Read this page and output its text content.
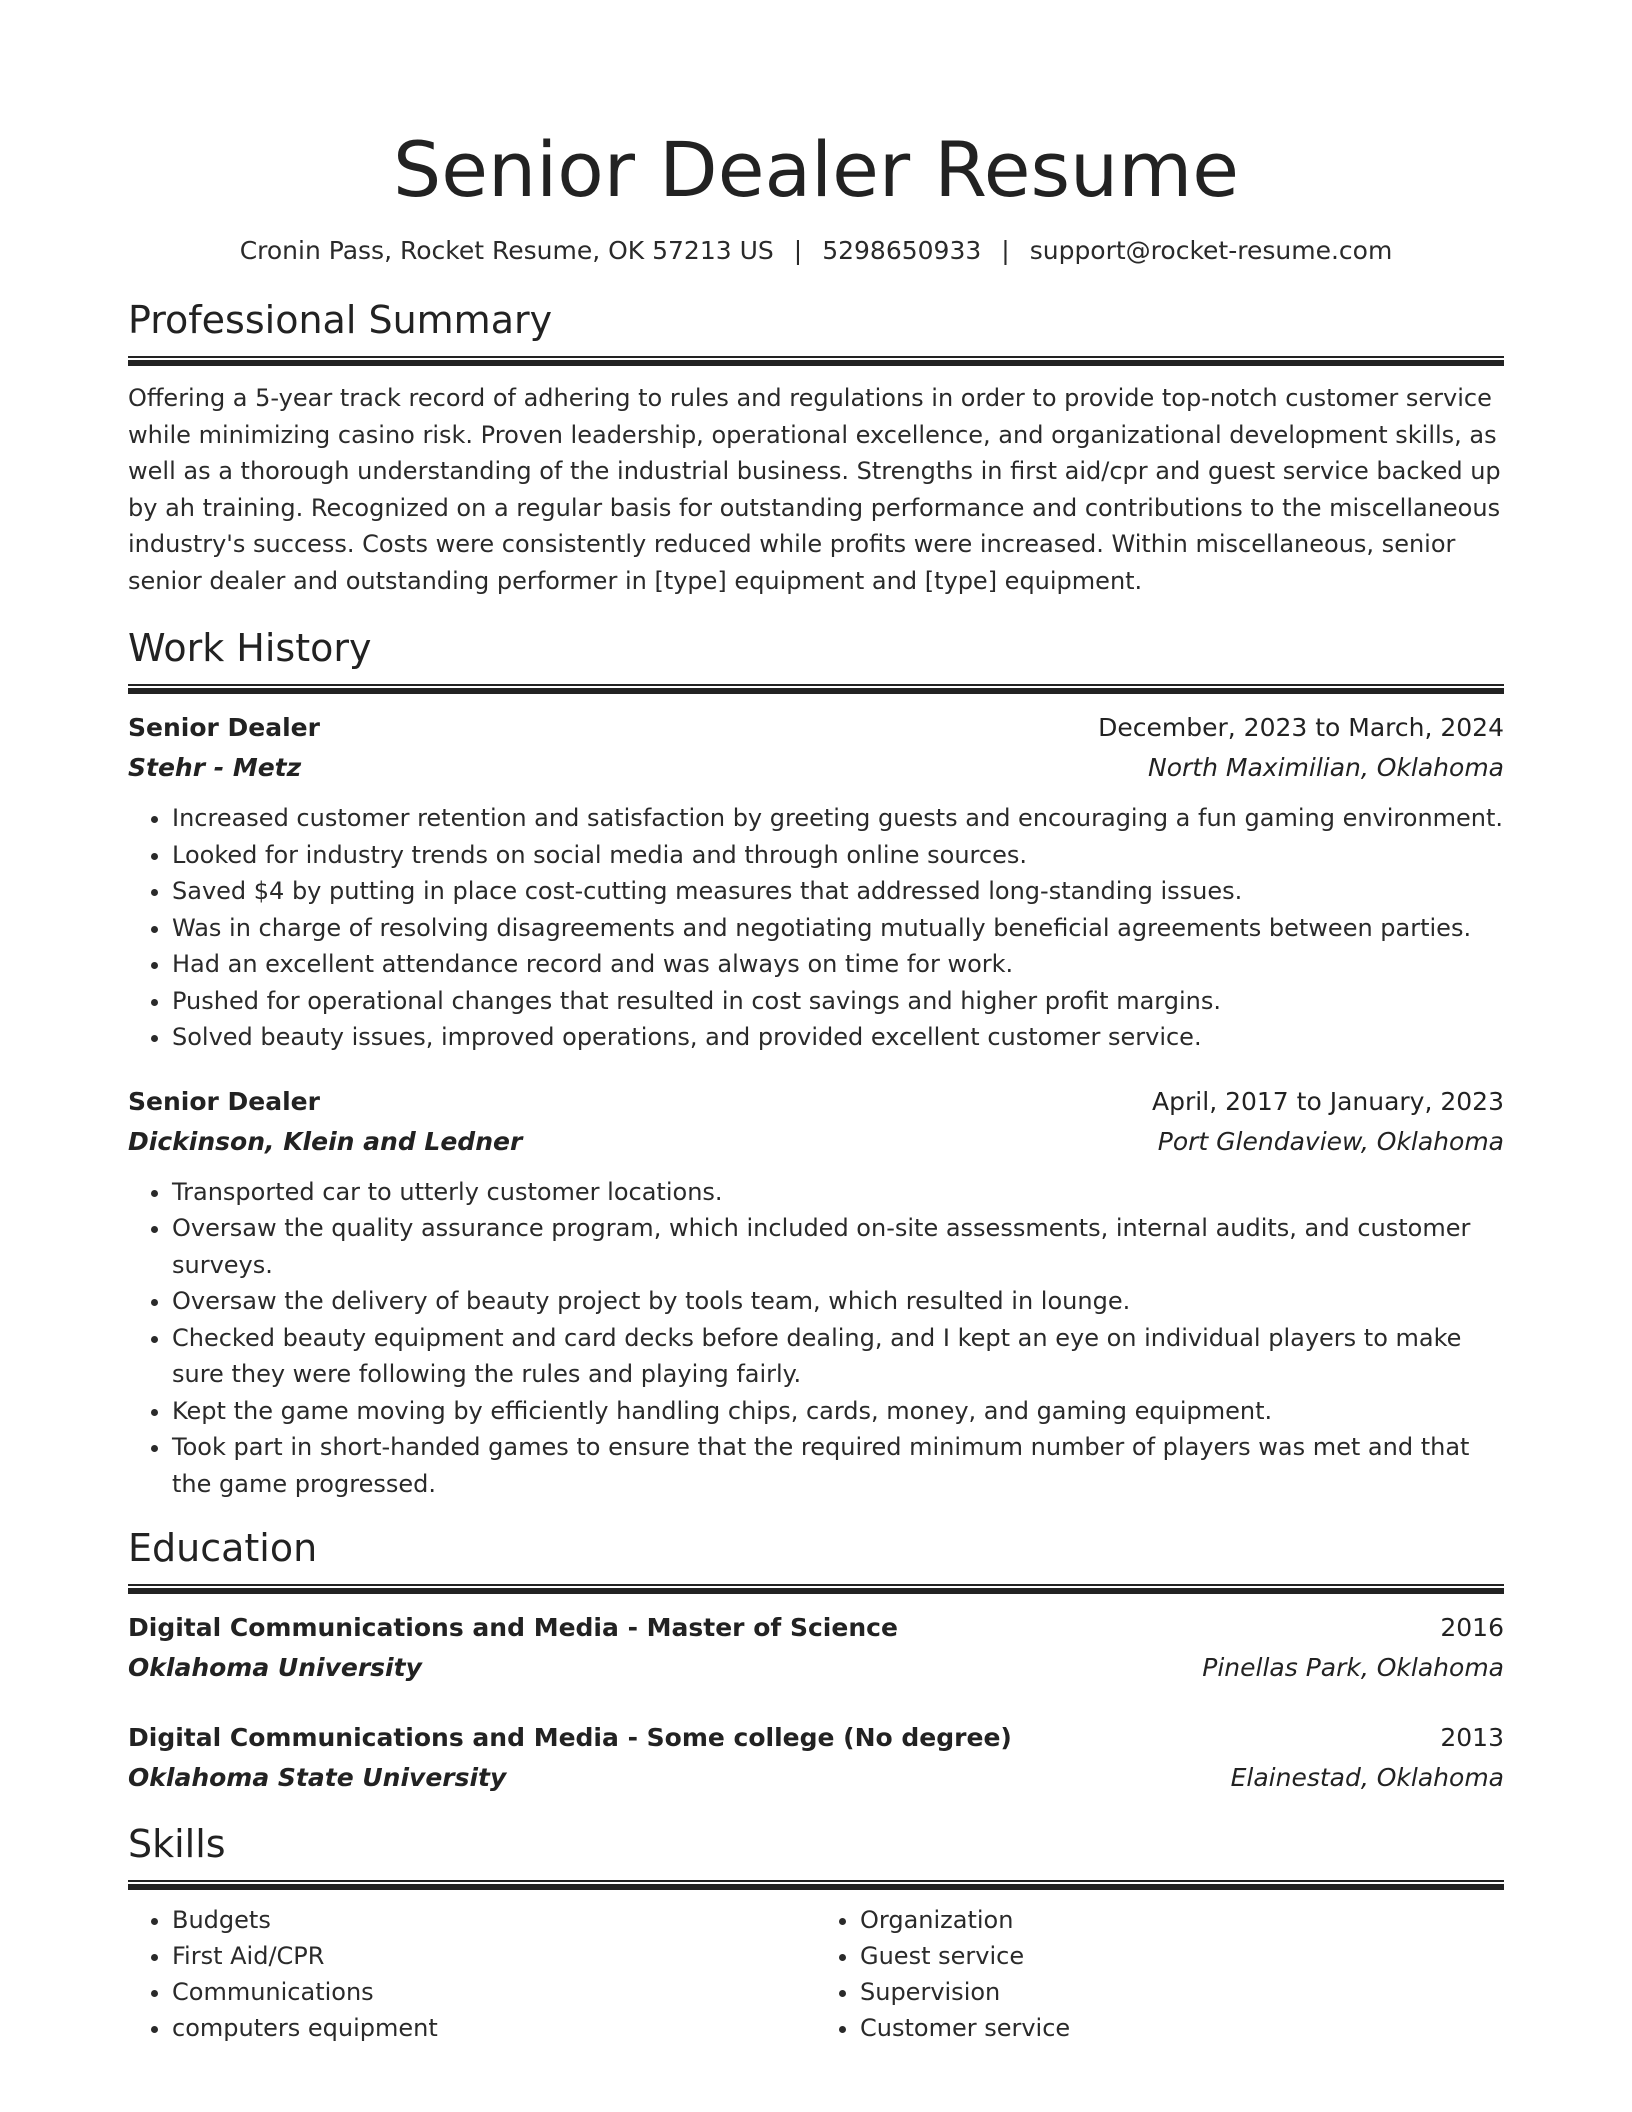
Senior Dealer Resume
Cronin Pass, Rocket Resume, OK 57213 US | 5298650933 | support@rocket-resume.com
Professional Summary
Offering a 5-year track record of adhering to rules and regulations in order to provide top-notch customer service while minimizing casino risk. Proven leadership, operational excellence, and organizational development skills, as well as a thorough understanding of the industrial business. Strengths in first aid/cpr and guest service backed up by ah training. Recognized on a regular basis for outstanding performance and contributions to the miscellaneous industry's success. Costs were consistently reduced while profits were increased. Within miscellaneous, senior senior dealer and outstanding performer in [type] equipment and [type] equipment.
Work History
Senior Dealer	December, 2023 to March, 2024
Stehr - Metz	North Maximilian, Oklahoma
• Increased customer retention and satisfaction by greeting guests and encouraging a fun gaming environment.
• Looked for industry trends on social media and through online sources.
• Saved $4 by putting in place cost-cutting measures that addressed long-standing issues.
• Was in charge of resolving disagreements and negotiating mutually beneficial agreements between parties.
• Had an excellent attendance record and was always on time for work.
• Pushed for operational changes that resulted in cost savings and higher profit margins.
• Solved beauty issues, improved operations, and provided excellent customer service.
Senior Dealer	April, 2017 to January, 2023
Dickinson, Klein and Ledner	Port Glendaview, Oklahoma
• Transported car to utterly customer locations.
• Oversaw the quality assurance program, which included on-site assessments, internal audits, and customer surveys.
• Oversaw the delivery of beauty project by tools team, which resulted in lounge.
• Checked beauty equipment and card decks before dealing, and I kept an eye on individual players to make sure they were following the rules and playing fairly.
• Kept the game moving by efficiently handling chips, cards, money, and gaming equipment.
• Took part in short-handed games to ensure that the required minimum number of players was met and that the game progressed.
Education
Digital Communications and Media - Master of Science	2016
Oklahoma University	Pinellas Park, Oklahoma
Digital Communications and Media - Some college (No degree)	2013
Oklahoma State University	Elainestad, Oklahoma
Skills
• Budgets
• First Aid/CPR
• Communications
• computers equipment
• Organization
• Guest service
• Supervision
• Customer service
